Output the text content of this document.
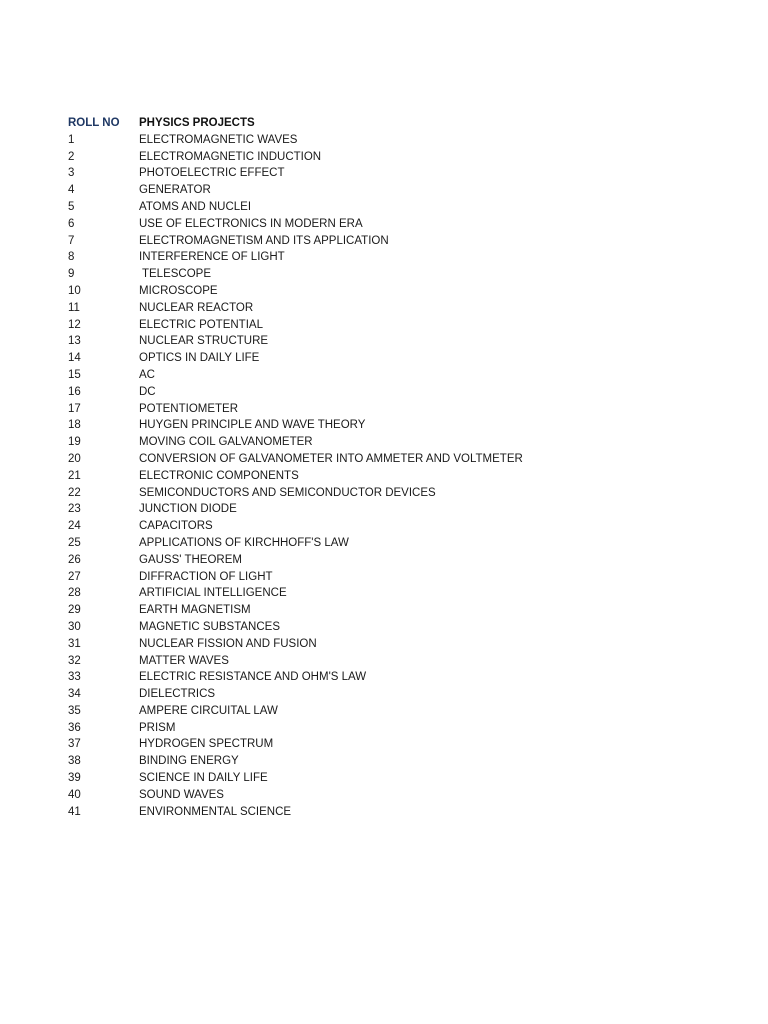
ROLL NO	PHYSICS PROJECTS
1	ELECTROMAGNETIC WAVES
2	ELECTROMAGNETIC INDUCTION
3	PHOTOELECTRIC EFFECT
4	GENERATOR
5	ATOMS AND NUCLEI
6	USE OF ELECTRONICS IN MODERN ERA
7	ELECTROMAGNETISM AND ITS APPLICATION
8	INTERFERENCE OF LIGHT
9	TELESCOPE
10	MICROSCOPE
11	NUCLEAR REACTOR
12	ELECTRIC POTENTIAL
13	NUCLEAR STRUCTURE
14	OPTICS IN DAILY LIFE
15	AC
16	DC
17	POTENTIOMETER
18	HUYGEN PRINCIPLE AND WAVE THEORY
19	MOVING COIL GALVANOMETER
20	CONVERSION OF GALVANOMETER INTO AMMETER AND VOLTMETER
21	ELECTRONIC COMPONENTS
22	SEMICONDUCTORS AND SEMICONDUCTOR DEVICES
23	JUNCTION DIODE
24	CAPACITORS
25	APPLICATIONS OF KIRCHHOFF'S LAW
26	GAUSS' THEOREM
27	DIFFRACTION OF LIGHT
28	ARTIFICIAL INTELLIGENCE
29	EARTH MAGNETISM
30	MAGNETIC SUBSTANCES
31	NUCLEAR FISSION AND FUSION
32	MATTER WAVES
33	ELECTRIC RESISTANCE AND OHM'S LAW
34	DIELECTRICS
35	AMPERE CIRCUITAL LAW
36	PRISM
37	HYDROGEN SPECTRUM
38	BINDING ENERGY
39	SCIENCE IN DAILY LIFE
40	SOUND WAVES
41	ENVIRONMENTAL SCIENCE
